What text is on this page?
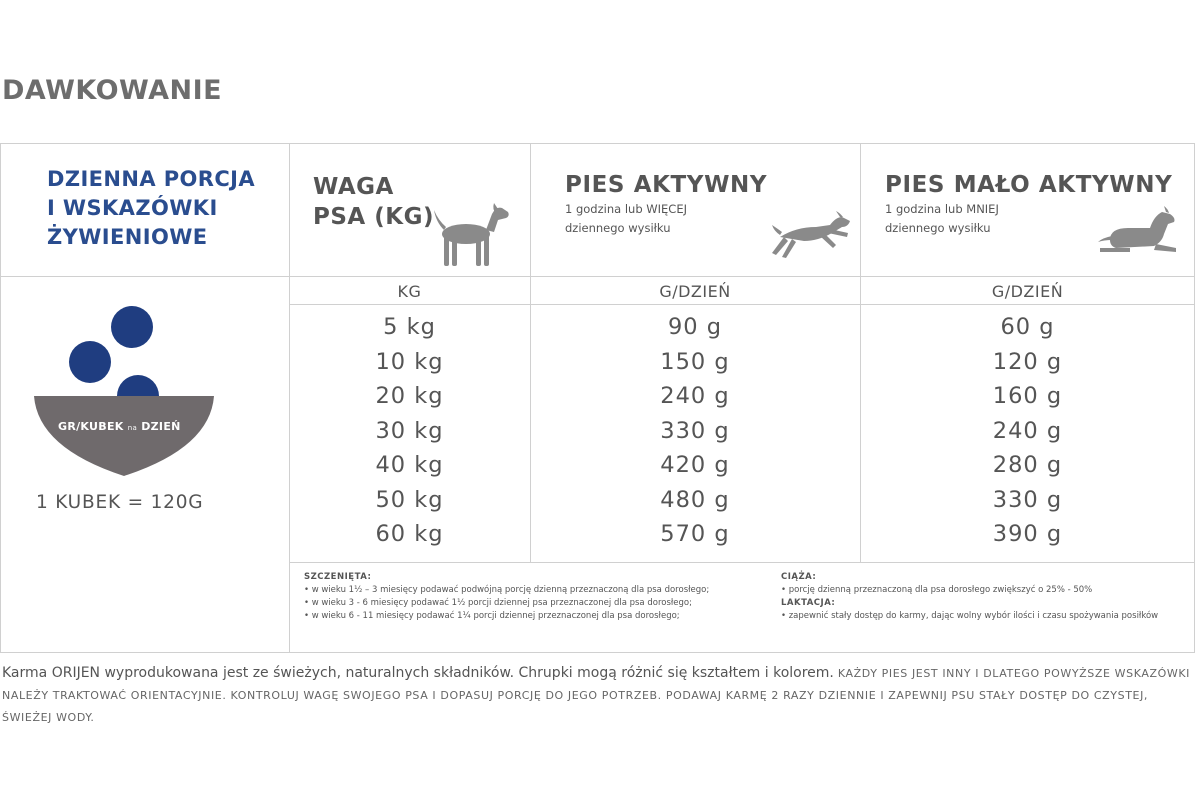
DAWKOWANIE
DZIENNA PORCJA
I WSKAZÓWKI
ŻYWIENIOWE
WAGA
PSA (KG)
PIES AKTYWNY
1 godzina lub WIĘCEJ
dziennego wysiłku
PIES MAŁO AKTYWNY
1 godzina lub MNIEJ
dziennego wysiłku
GR/KUBEK na DZIEŃ
1 KUBEK = 120G
KG	G/DZIEŃ	G/DZIEŃ
5 kg
10 kg
20 kg
30 kg
40 kg
50 kg
60 kg
90 g
150 g
240 g
330 g
420 g
480 g
570 g
60 g
120 g
160 g
240 g
280 g
330 g
390 g
SZCZENIĘTA:
• w wieku 1½ – 3 miesięcy podawać podwójną porcję dzienną przeznaczoną dla psa dorosłego;
• w wieku 3 - 6 miesięcy podawać 1½ porcji dziennej psa przeznaczonej dla psa dorosłego;
• w wieku 6 - 11 miesięcy podawać 1¼ porcji dziennej przeznaczonej dla psa dorosłego;
CIĄŻA:
• porcję dzienną przeznaczoną dla psa dorosłego zwiększyć o 25% - 50%
LAKTACJA:
• zapewnić stały dostęp do karmy, dając wolny wybór ilości i czasu spożywania posiłków
Karma ORIJEN wyprodukowana jest ze świeżych, naturalnych składników. Chrupki mogą różnić się kształtem i kolorem. KAŻDY PIES JEST INNY I DLATEGO POWYŻSZE WSKAZÓWKI NALEŻY TRAKTOWAĆ ORIENTACYJNIE. KONTROLUJ WAGĘ SWOJEGO PSA I DOPASUJ PORCJĘ DO JEGO POTRZEB. PODAWAJ KARMĘ 2 RAZY DZIENNIE I ZAPEWNIJ PSU STAŁY DOSTĘP DO CZYSTEJ, ŚWIEŻEJ WODY.
